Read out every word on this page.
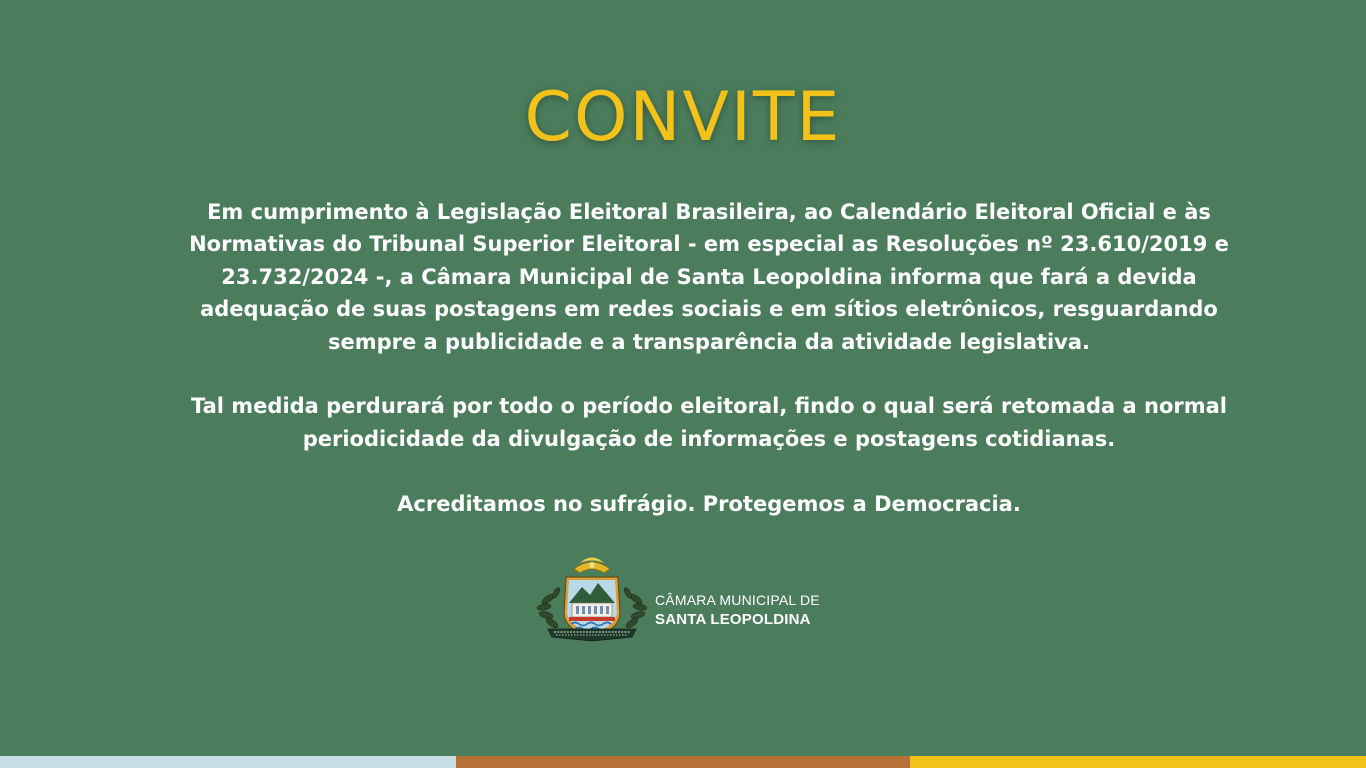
CONVITE

Em cumprimento à Legislação Eleitoral Brasileira, ao Calendário Eleitoral Oficial e às Normativas do Tribunal Superior Eleitoral - em especial as Resoluções nº 23.610/2019 e 23.732/2024 -, a Câmara Municipal de Santa Leopoldina informa que fará a devida adequação de suas postagens em redes sociais e em sítios eletrônicos, resguardando sempre a publicidade e a transparência da atividade legislativa.

Tal medida perdurará por todo o período eleitoral, findo o qual será retomada a normal periodicidade da divulgação de informações e postagens cotidianas.

Acreditamos no sufrágio. Protegemos a Democracia.

CÂMARA MUNICIPAL DE
SANTA LEOPOLDINA
